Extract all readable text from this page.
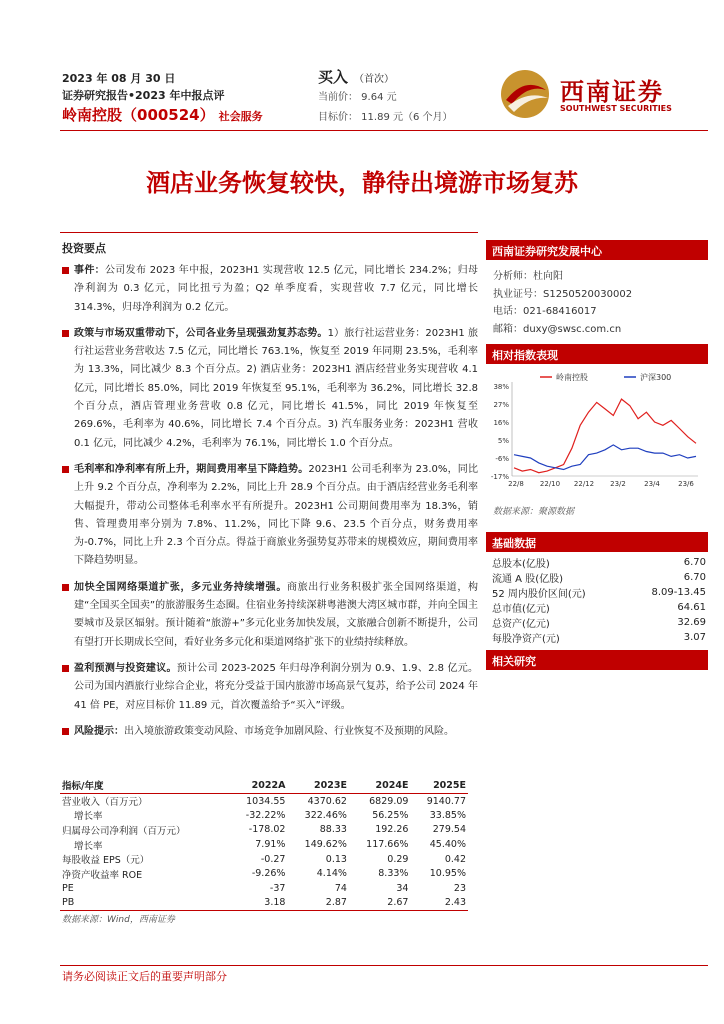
2023 年 08 月 30 日
证券研究报告•2023 年中报点评
岭南控股（000524） 社会服务
买入 （首次）
当前价： 9.64 元
目标价： 11.89 元（6 个月）
西南证券
SOUTHWEST SECURITIES
酒店业务恢复较快，静待出境游市场复苏
投资要点
事件：公司发布 2023 年中报，2023H1 实现营收 12.5 亿元，同比增长 234.2%；归母净利润为 0.3 亿元，同比扭亏为盈；Q2 单季度看，实现营收 7.7 亿元，同比增长 314.3%，归母净利润为 0.2 亿元。
政策与市场双重带动下，公司各业务呈现强劲复苏态势。1）旅行社运营业务：2023H1 旅行社运营业务营收达 7.5 亿元，同比增长 763.1%，恢复至 2019 年同期 23.5%，毛利率为 13.3%，同比减少 8.3 个百分点。2) 酒店业务：2023H1 酒店经营业务实现营收 4.1 亿元，同比增长 85.0%，同比 2019 年恢复至 95.1%，毛利率为 36.2%，同比增长 32.8 个百分点，酒店管理业务营收 0.8 亿元，同比增长 41.5%，同比 2019 年恢复至 269.6%，毛利率为 40.6%，同比增长 7.4 个百分点。3) 汽车服务业务：2023H1 营收 0.1 亿元，同比减少 4.2%，毛利率为 76.1%，同比增长 1.0 个百分点。
毛利率和净利率有所上升，期间费用率呈下降趋势。2023H1 公司毛利率为 23.0%，同比上升 9.2 个百分点，净利率为 2.2%，同比上升 28.9 个百分点。由于酒店经营业务毛利率大幅提升，带动公司整体毛利率水平有所提升。2023H1 公司期间费用率为 18.3%，销售、管理费用率分别为 7.8%、11.2%，同比下降 9.6、23.5 个百分点，财务费用率为-0.7%，同比上升 2.3 个百分点。得益于商旅业务强势复苏带来的规模效应，期间费用率下降趋势明显。
加快全国网络渠道扩张，多元业务持续增强。商旅出行业务积极扩张全国网络渠道，构建“全国买全国卖”的旅游服务生态圈。住宿业务持续深耕粤港澳大湾区城市群，并向全国主要城市及景区辐射。预计随着“旅游+”多元化业务加快发展，文旅融合创新不断提升，公司有望打开长期成长空间，看好业务多元化和渠道网络扩张下的业绩持续释放。
盈利预测与投资建议。预计公司 2023-2025 年归母净利润分别为 0.9、1.9、2.8 亿元。公司为国内酒旅行业综合企业，将充分受益于国内旅游市场高景气复苏，给予公司 2024 年 41 倍 PE，对应目标价 11.89 元，首次覆盖给予“买入”评级。
风险提示：出入境旅游政策变动风险、市场竞争加剧风险、行业恢复不及预期的风险。
指标/年度	2022A	2023E	2024E	2025E
营业收入（百万元）	1034.55	4370.62	6829.09	9140.77
增长率	-32.22%	322.46%	56.25%	33.85%
归属母公司净利润（百万元）	-178.02	88.33	192.26	279.54
增长率	7.91%	149.62%	117.66%	45.40%
每股收益 EPS（元）	-0.27	0.13	0.29	0.42
净资产收益率 ROE	-9.26%	4.14%	8.33%	10.95%
PE	-37	74	34	23
PB	3.18	2.87	2.67	2.43
数据来源：Wind，西南证券
西南证券研究发展中心
分析师：杜向阳
执业证号：S1250520030002
电话：021-68416017
邮箱：duxy@swsc.com.cn
相对指数表现
岭南控股	沪深300
38%
27%
16%
5%
-6%
-17%
22/8 22/10 22/12 23/2	23/4	23/6
数据来源：聚源数据
基础数据
总股本(亿股)	6.70
流通 A 股(亿股)	6.70
52 周内股价区间(元)	8.09-13.45
总市值(亿元)	64.61
总资产(亿元)	32.69
每股净资产(元)	3.07
相关研究
请务必阅读正文后的重要声明部分
